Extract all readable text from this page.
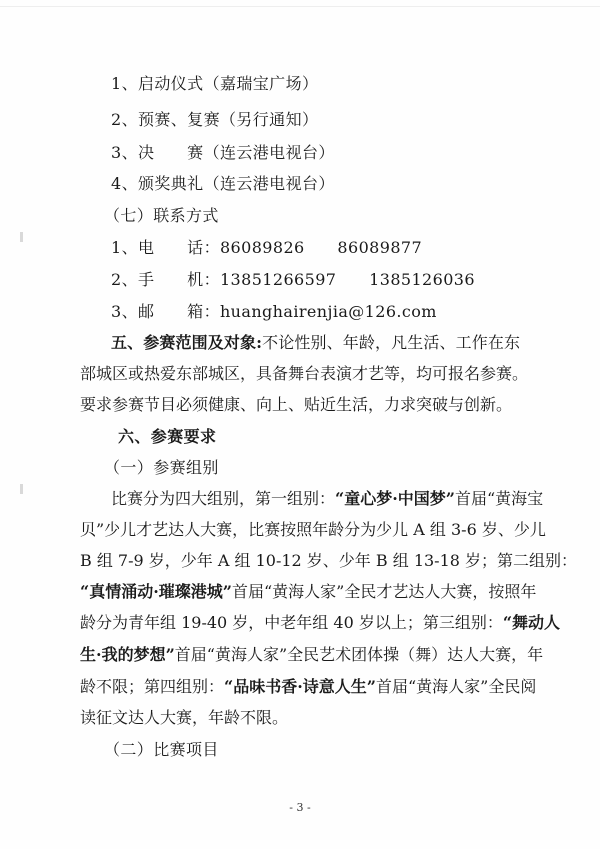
1、启动仪式（嘉瑞宝广场）
2、预赛、复赛（另行通知）
3、决　　赛（连云港电视台）
4、颁奖典礼（连云港电视台）
（七）联系方式
1、电　　话：86089826　　86089877
2、手　　机：13851266597　　1385126036
3、邮　　箱：huanghairenjia@126.com
五、参赛范围及对象:不论性别、年龄，凡生活、工作在东
部城区或热爱东部城区，具备舞台表演才艺等，均可报名参赛。
要求参赛节目必须健康、向上、贴近生活，力求突破与创新。
六、参赛要求
（一）参赛组别
比赛分为四大组别，第一组别：“童心梦·中国梦”首届“黄海宝
贝”少儿才艺达人大赛，比赛按照年龄分为少儿 A 组 3-6 岁、少儿
B 组 7-9 岁，少年 A 组 10-12 岁、少年 B 组 13-18 岁；第二组别：
“真情涌动·璀璨港城”首届“黄海人家”全民才艺达人大赛，按照年
龄分为青年组 19-40 岁，中老年组 40 岁以上；第三组别：“舞动人
生·我的梦想”首届“黄海人家”全民艺术团体操（舞）达人大赛，年
龄不限；第四组别：“品味书香·诗意人生”首届“黄海人家”全民阅
读征文达人大赛，年龄不限。
（二）比赛项目
- 3 -
